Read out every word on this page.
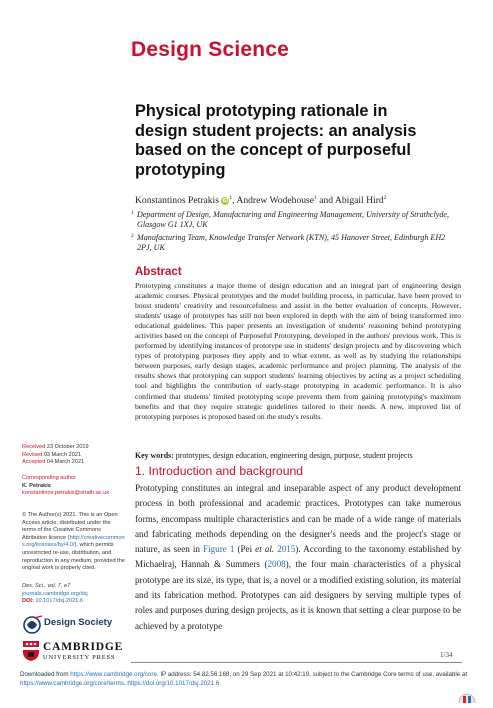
Design Science
Physical prototyping rationale in design student projects: an analysis based on the concept of purposeful prototyping
Konstantinos Petrakis $iD^1$, Andrew Wodehouse$^1$ and Abigail Hird$^2$
1 Department of Design, Manufacturing and Engineering Management, University of Strathclyde, Glasgow G1 1XJ, UK
2 Manufacturing Team, Knowledge Transfer Network (KTN), 45 Hanover Street, Edinburgh EH2 2PJ, UK
Abstract
Prototyping constitutes a major theme of design education and an integral part of engineering design academic courses. Physical prototypes and the model building process, in particular, have been proved to boost students' creativity and resourcefulness and assist in the better evaluation of concepts. However, students' usage of prototypes has still not been explored in depth with the aim of being transformed into educational guidelines. This paper presents an investigation of students' reasoning behind prototyping activities based on the concept of Purposeful Prototyping, developed in the authors' previous work. This is performed by identifying instances of prototype use in students' design projects and by discovering which types of prototyping purposes they apply and to what extent, as well as by studying the relationships between purposes, early design stages, academic performance and project planning. The analysis of the results shows that prototyping can support students' learning objectives by acting as a project scheduling tool and highlights the contribution of early-stage prototyping in academic performance. It is also confirmed that students' limited prototyping scope prevents them from gaining prototyping's maximum benefits and that they require strategic guidelines tailored to their needs. A new, improved list of prototyping purposes is proposed based on the study's results.
Key words: prototypes, design education, engineering design, purpose, student projects
1. Introduction and background
Prototyping constitutes an integral and inseparable aspect of any product development process in both professional and academic practices. Prototypes can take numerous forms, encompass multiple characteristics and can be made of a wide range of materials and fabricating methods depending on the designer's needs and the project's stage or nature, as seen in Figure 1 (Pei et al. 2015). According to the taxonomy established by Michaelraj, Hannah & Summers (2008), the four main characteristics of a physical prototype are its size, its type, that is, a novel or a modified existing solution, its material and its fabrication method. Prototypes can aid designers by serving multiple types of roles and purposes during design projects, as it is known that setting a clear purpose to be achieved by a prototype
Received 23 October 2019
Revised 03 March 2021
Accepted 04 March 2021
Corresponding author
K. Petrakis
konstantinos.petrakis@strath.ac.uk
© The Author(s) 2021. This is an Open Access article, distributed under the terms of the Creative Commons Attribution licence (http://creativecommons.org/licenses/by/4.0/), which permits unrestricted re-use, distribution, and reproduction in any medium, provided the original work is properly cited.
Des. Sci., vol. 7, e7
journals.cambridge.org/dsj
DOI: 10.1017/dsj.2021.6
Design Society
CAMBRIDGE
UNIVERSITY PRESS	1/34
Downloaded from https://www.cambridge.org/core. IP address: 54.82.56.168, on 29 Sep 2021 at 10:42:19, subject to the Cambridge Core terms of use, available at https://www.cambridge.org/core/terms. https://doi.org/10.1017/dsj.2021.6
